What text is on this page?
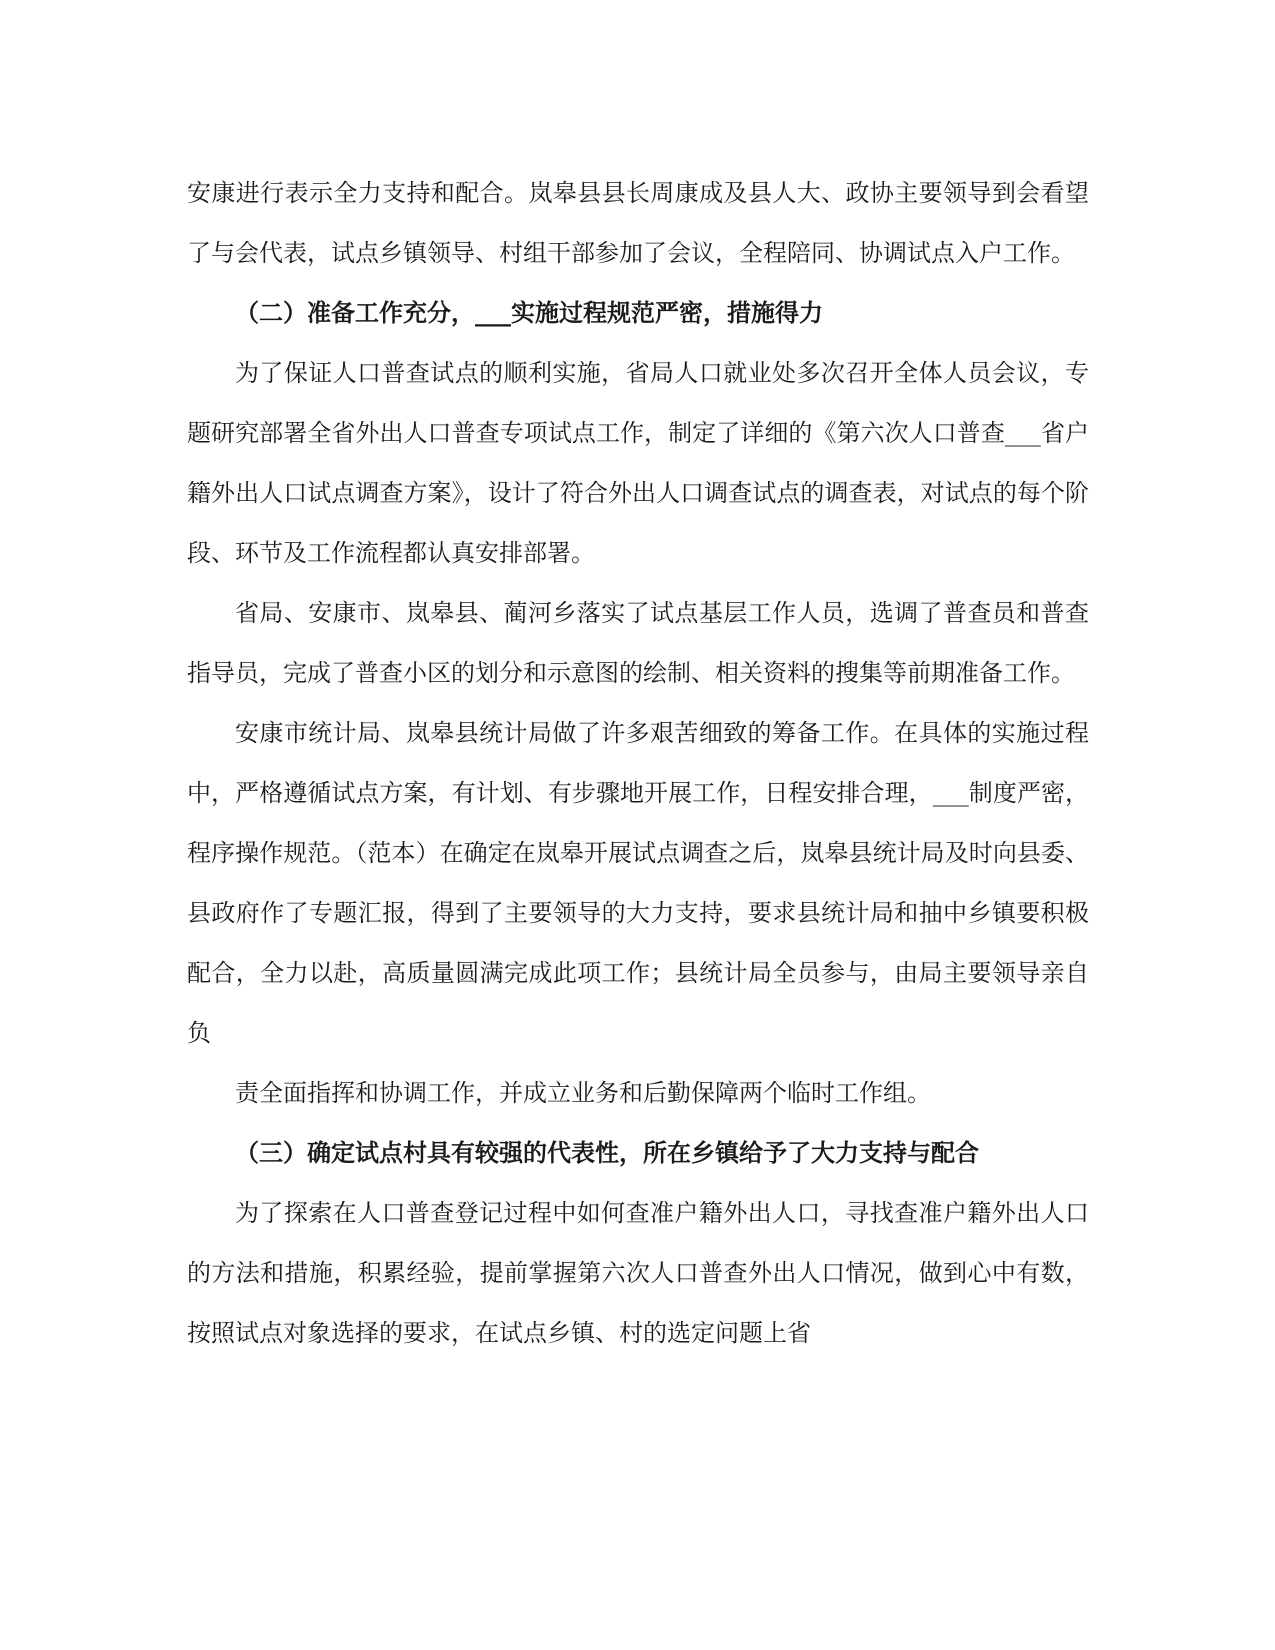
安康进行表示全力支持和配合。岚皋县县长周康成及县人大、政协主要领导到会看望了与会代表，试点乡镇领导、村组干部参加了会议，全程陪同、协调试点入户工作。

（二）准备工作充分，___实施过程规范严密，措施得力

为了保证人口普查试点的顺利实施，省局人口就业处多次召开全体人员会议，专题研究部署全省外出人口普查专项试点工作，制定了详细的《第六次人口普查___省户籍外出人口试点调查方案》，设计了符合外出人口调查试点的调查表，对试点的每个阶段、环节及工作流程都认真安排部署。

省局、安康市、岚皋县、蔺河乡落实了试点基层工作人员，选调了普查员和普查指导员，完成了普查小区的划分和示意图的绘制、相关资料的搜集等前期准备工作。

安康市统计局、岚皋县统计局做了许多艰苦细致的筹备工作。在具体的实施过程中，严格遵循试点方案，有计划、有步骤地开展工作，日程安排合理，___制度严密，程序操作规范。（范本）在确定在岚皋开展试点调查之后，岚皋县统计局及时向县委、县政府作了专题汇报，得到了主要领导的大力支持，要求县统计局和抽中乡镇要积极配合，全力以赴，高质量圆满完成此项工作；县统计局全员参与，由局主要领导亲自负

责全面指挥和协调工作，并成立业务和后勤保障两个临时工作组。

（三）确定试点村具有较强的代表性，所在乡镇给予了大力支持与配合

为了探索在人口普查登记过程中如何查准户籍外出人口，寻找查准户籍外出人口的方法和措施，积累经验，提前掌握第六次人口普查外出人口情况，做到心中有数，按照试点对象选择的要求，在试点乡镇、村的选定问题上省
